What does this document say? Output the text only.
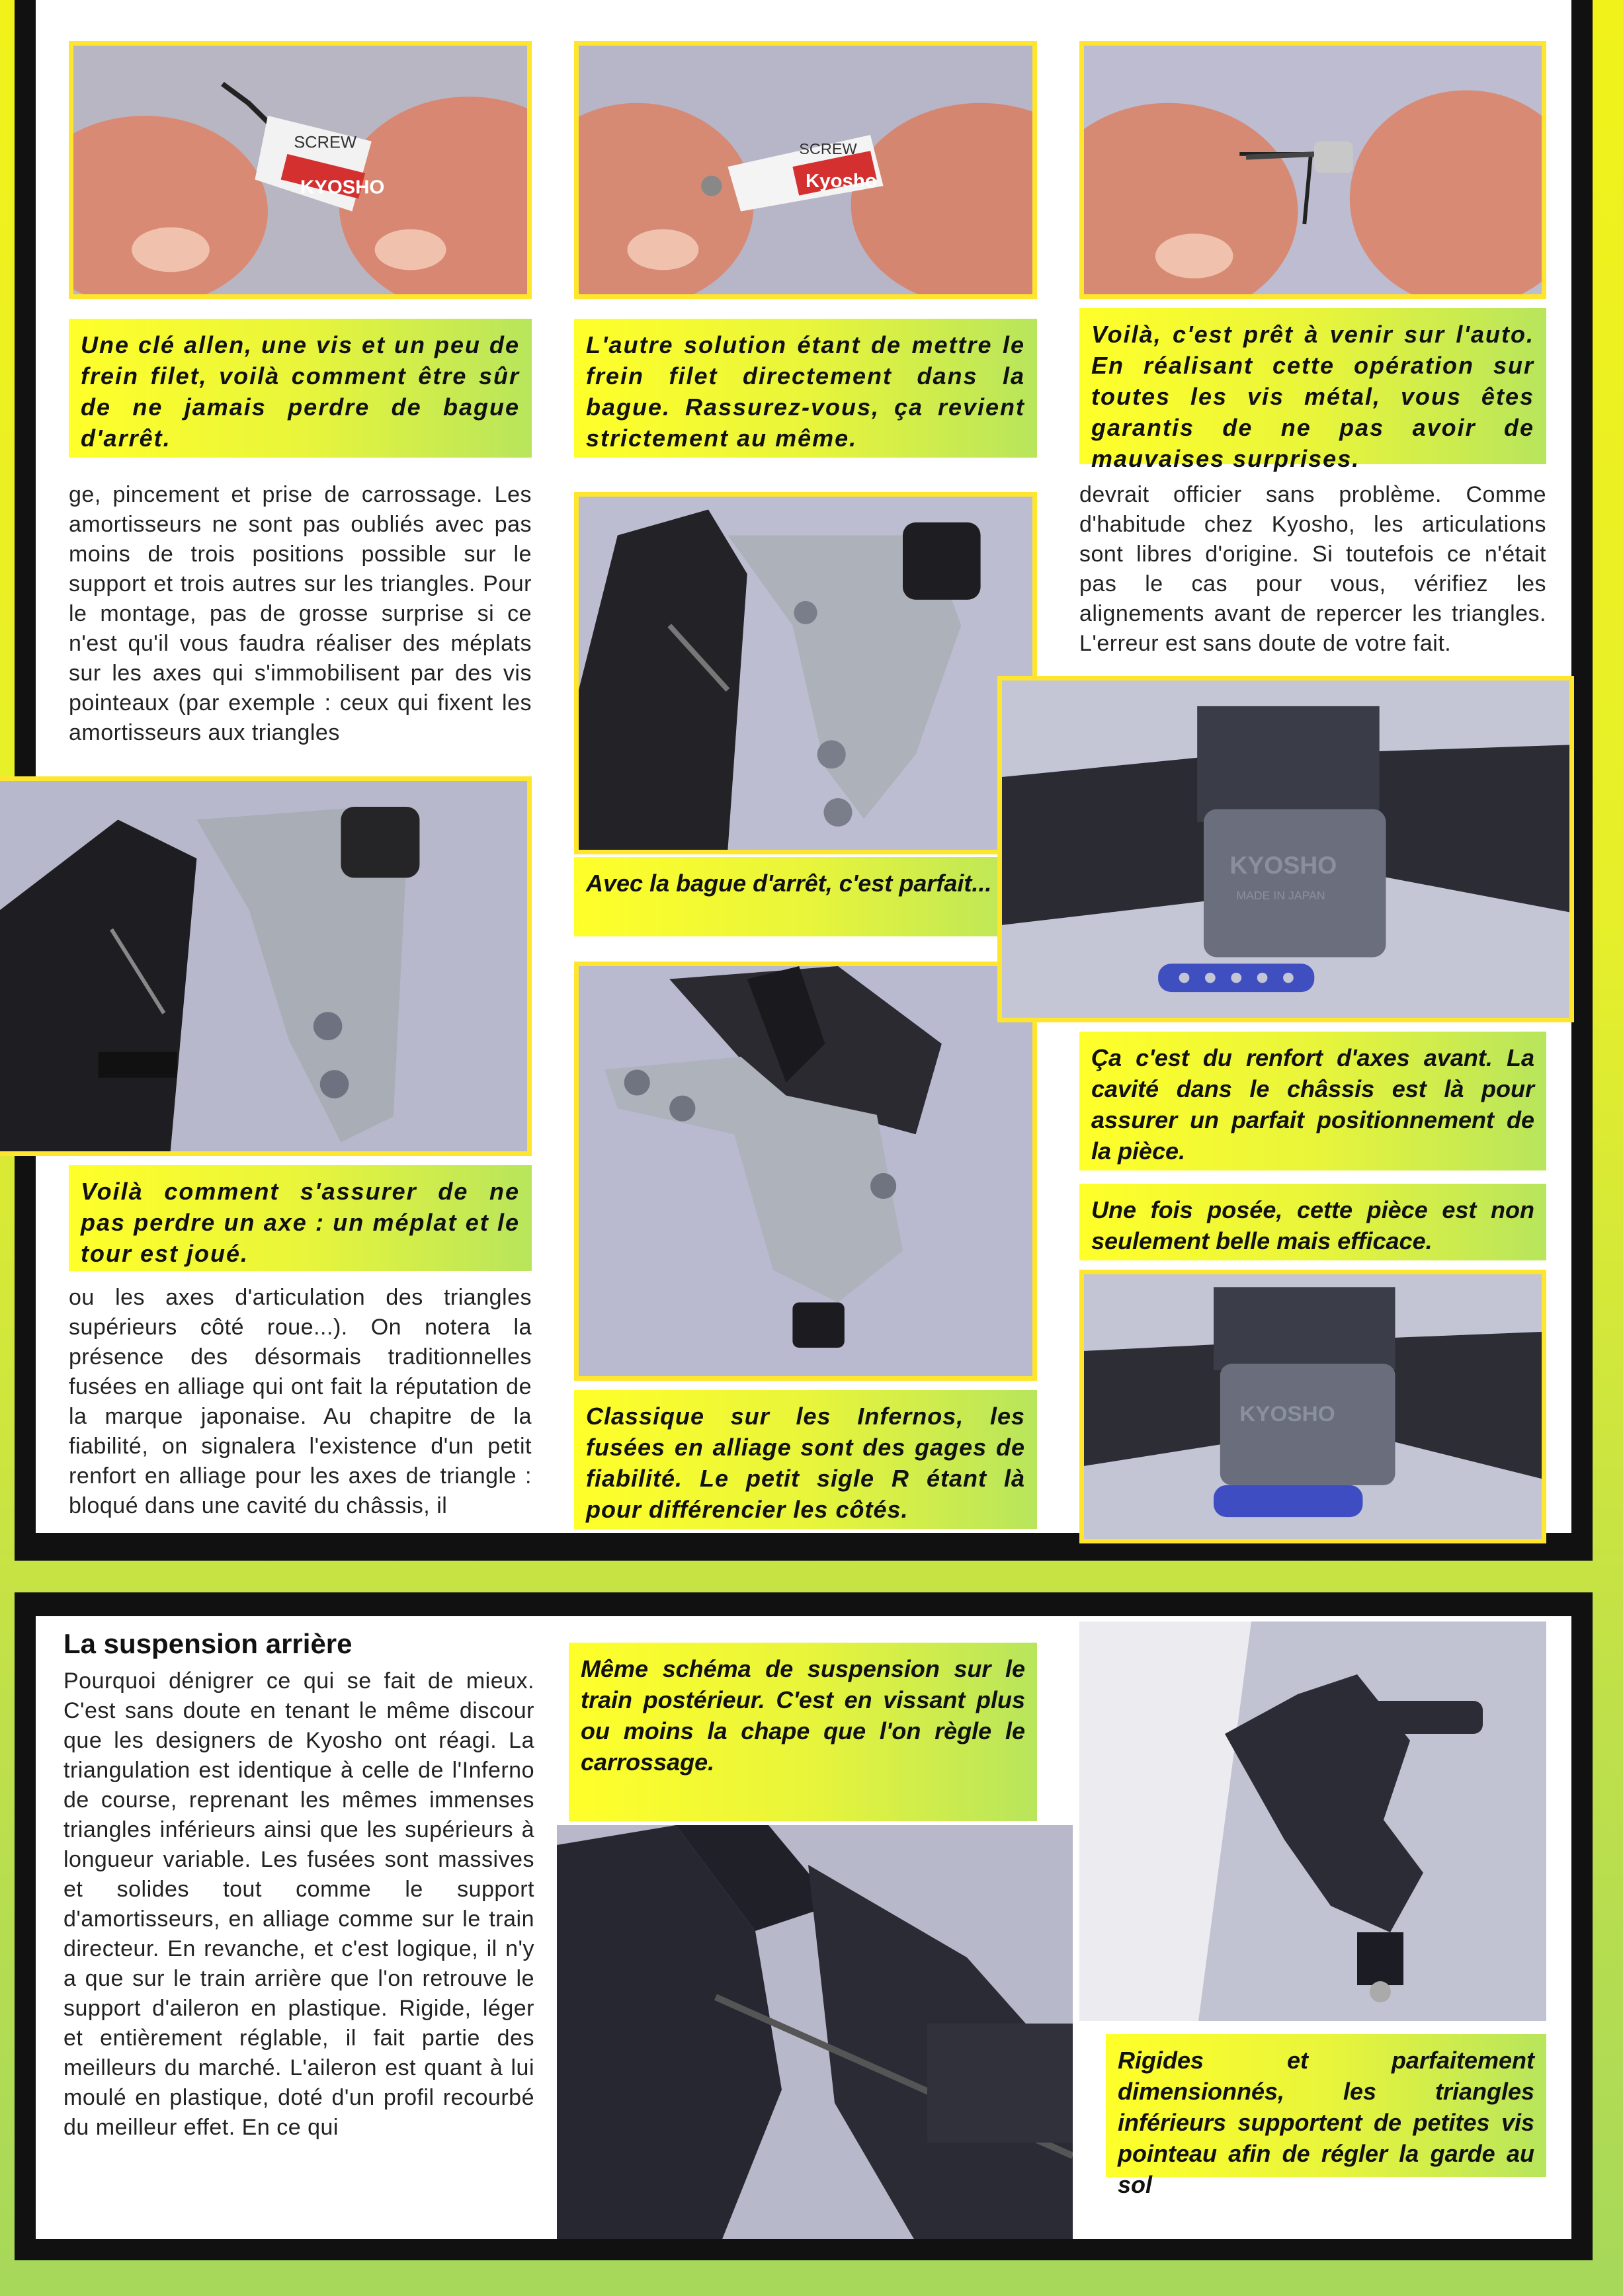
SCREW
KYOSHO
SCREW
Kyosho
Une clé allen, une vis et un peu de frein filet, voilà comment être sûr de ne jamais perdre de bague d'arrêt.
L'autre solution étant de mettre le frein filet directement dans la bague. Rassurez-vous, ça revient strictement au même.
Voilà, c'est prêt à venir sur l'auto. En réalisant cette opération sur toutes les vis métal, vous êtes garantis de ne pas avoir de mauvaises surprises.
ge, pincement et prise de carrossage. Les amortisseurs ne sont pas oubliés avec pas moins de trois positions possible sur le support et trois autres sur les triangles. Pour le montage, pas de grosse surprise si ce n'est qu'il vous faudra réaliser des méplats sur les axes qui s'immobilisent par des vis pointeaux (par exemple : ceux qui fixent les amortisseurs aux triangles
Voilà comment s'assurer de ne pas perdre un axe : un méplat et le tour est joué.
ou les axes d'articulation des triangles supérieurs côté roue...). On notera la présence des désormais traditionnelles fusées en alliage qui ont fait la réputation de la marque japonaise. Au chapitre de la fiabilité, on signalera l'existence d'un petit renfort en alliage pour les axes de triangle : bloqué dans une cavité du châssis, il
Avec la bague d'arrêt, c'est parfait...
Classique sur les Infernos, les fusées en alliage sont des gages de fiabilité. Le petit sigle R étant là pour différencier les côtés.
devrait officier sans problème. Comme d'habitude chez Kyosho, les articulations sont libres d'origine. Si toutefois ce n'était pas le cas pour vous, vérifiez les alignements avant de repercer les triangles. L'erreur est sans doute de votre fait.
KYOSHO
MADE IN JAPAN
Ça c'est du renfort d'axes avant. La cavité dans le châssis est là pour assurer un parfait positionnement de la pièce.
Une fois posée, cette pièce est non seulement belle mais efficace.
KYOSHO
La suspension arrière
Pourquoi dénigrer ce qui se fait de mieux. C'est sans doute en tenant le même discour que les designers de Kyosho ont réagi. La triangulation est identique à celle de l'Inferno de course, reprenant les mêmes immenses triangles inférieurs ainsi que les supérieurs à longueur variable. Les fusées sont massives et solides tout comme le support d'amortisseurs, en alliage comme sur le train directeur. En revanche, et c'est logique, il n'y a que sur le train arrière que l'on retrouve le support d'aileron en plastique. Rigide, léger et entièrement réglable, il fait partie des meilleurs du marché. L'aileron est quant à lui moulé en plastique, doté d'un profil recourbé du meilleur effet. En ce qui
Même schéma de suspension sur le train postérieur. C'est en vissant plus ou moins la chape que l'on règle le carrossage.
Rigides et parfaitement dimensionnés, les triangles inférieurs supportent de petites vis pointeau afin de régler la garde au sol
